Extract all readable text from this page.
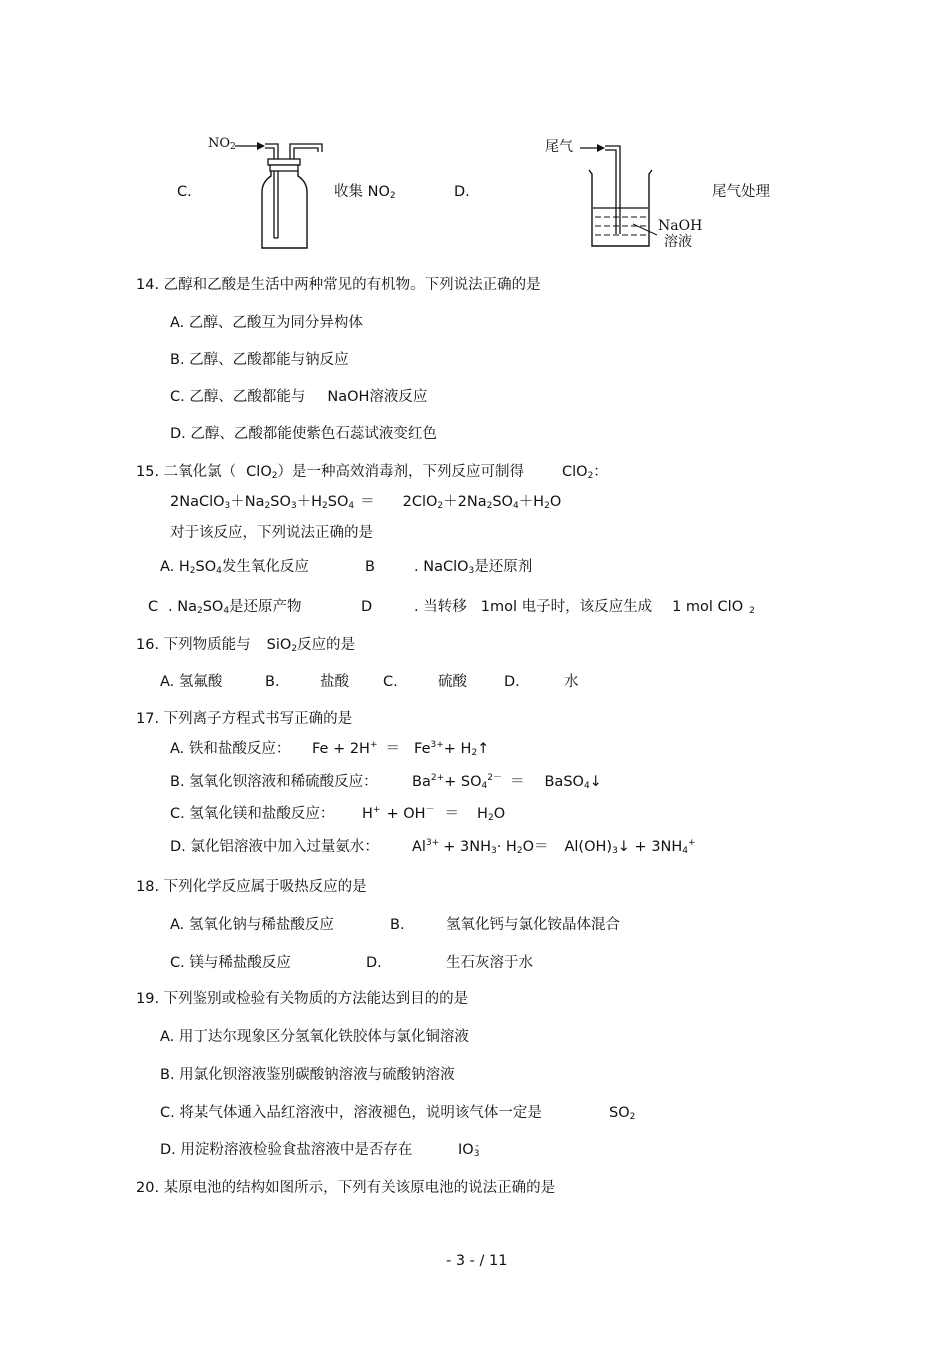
C.
$NO_2$
收集 $NO_2$	D.
尾气
NaOH
溶液
尾气处理
14. 乙醇和乙酸是生活中两种常见的有机物。下列说法正确的是
A. 乙醇、乙酸互为同分异构体
B. 乙醇、乙酸都能与钠反应
C. 乙醇、乙酸都能与 NaOH溶液反应
D. 乙醇、乙酸都能使紫色石蕊试液变红色
15. 二氧化氯（ ClO$_2$）是一种高效消毒剂，下列反应可制得	ClO$_2$：
$2NaClO_3+Na_2SO_3+H_2SO_4 = 2ClO_2+2Na_2SO_4+H_2O$
对于该反应，下列说法正确的是
A. $H_2SO_4$发生氧化反应	B	. NaClO$_3$是还原剂
C . $Na_2SO_4$是还原产物	D	. 当转移 1mol 电子时，该反应生成 1 mol ClO $_2$
16. 下列物质能与 SiO$_2$反应的是
A. 氢氟酸	B.	盐酸 C.	硫酸	D.	水
17. 下列离子方程式书写正确的是
A. 铁和盐酸反应： $Fe + 2H^+ = Fe^{3+}+$ $H_2↑$
B. 氢氧化钡溶液和稀硫酸反应： $Ba^{2+}+ SO_4^{2-}$ ＝ BaSO$_4$↓
C. 氢氧化镁和盐酸反应： $H^+ + OH^- = H_2O$
D. 氯化铝溶液中加入过量氨水： $Al^{3+} + 3NH_3\cdot H_2O=$ $Al(OH)_3↓ + 3NH_4^+$
18. 下列化学反应属于吸热反应的是
A. 氢氧化钠与稀盐酸反应	B.	氢氧化钙与氯化铵晶体混合
C. 镁与稀盐酸反应	D.	生石灰溶于水
19. 下列鉴别或检验有关物质的方法能达到目的的是
A. 用丁达尔现象区分氢氧化铁胶体与氯化铜溶液
B. 用氯化钡溶液鉴别碳酸钠溶液与硫酸钠溶液
C. 将某气体通入品红溶液中，溶液褪色，说明该气体一定是	$SO_2$
D. 用淀粉溶液检验食盐溶液中是否存在	$IO_3^-$
20. 某原电池的结构如图所示，下列有关该原电池的说法正确的是
- 3 - / 11
